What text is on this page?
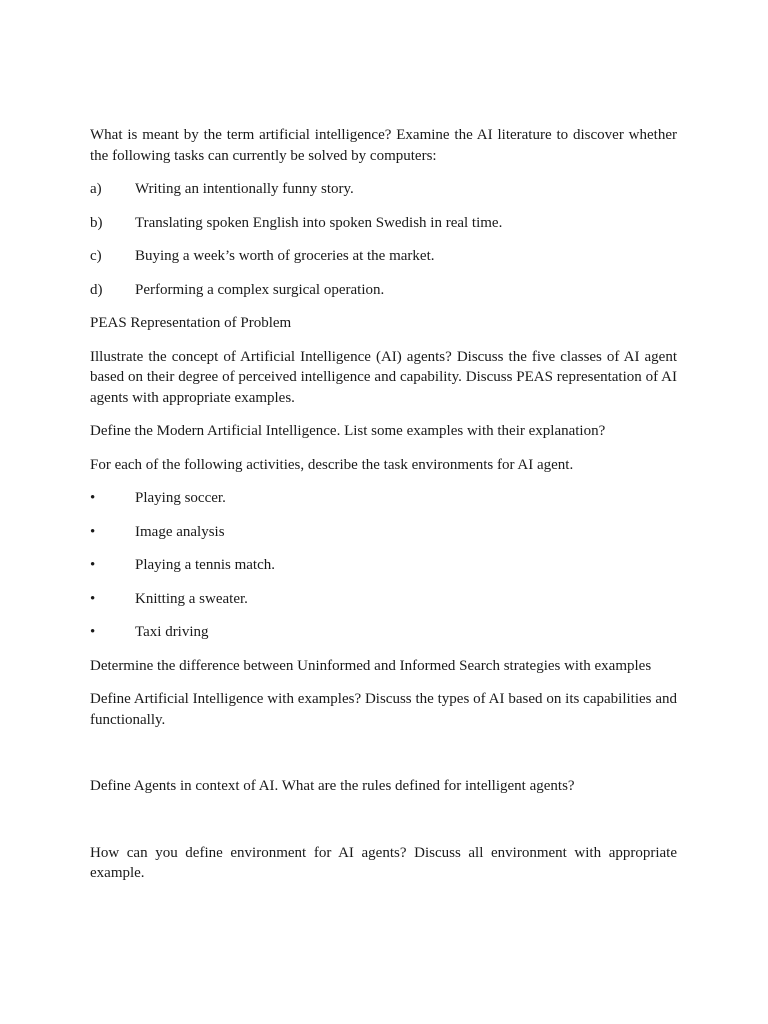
What is meant by the term artificial intelligence? Examine the AI literature to discover whether the following tasks can currently be solved by computers:

a)	Writing an intentionally funny story.
b)	Translating spoken English into spoken Swedish in real time.
c)	Buying a week’s worth of groceries at the market.
d)	Performing a complex surgical operation.

PEAS Representation of Problem

Illustrate the concept of Artificial Intelligence (AI) agents? Discuss the five classes of AI agent based on their degree of perceived intelligence and capability. Discuss PEAS representation of AI agents with appropriate examples.

Define the Modern Artificial Intelligence. List some examples with their explanation?

For each of the following activities, describe the task environments for AI agent.

•	Playing soccer.
•	Image analysis
•	Playing a tennis match.
•	Knitting a sweater.
•	Taxi driving

Determine the difference between Uninformed and Informed Search strategies with examples

Define Artificial Intelligence with examples? Discuss the types of AI based on its capabilities and functionally.

Define Agents in context of AI. What are the rules defined for intelligent agents?

How can you define environment for AI agents? Discuss all environment with appropriate example.
